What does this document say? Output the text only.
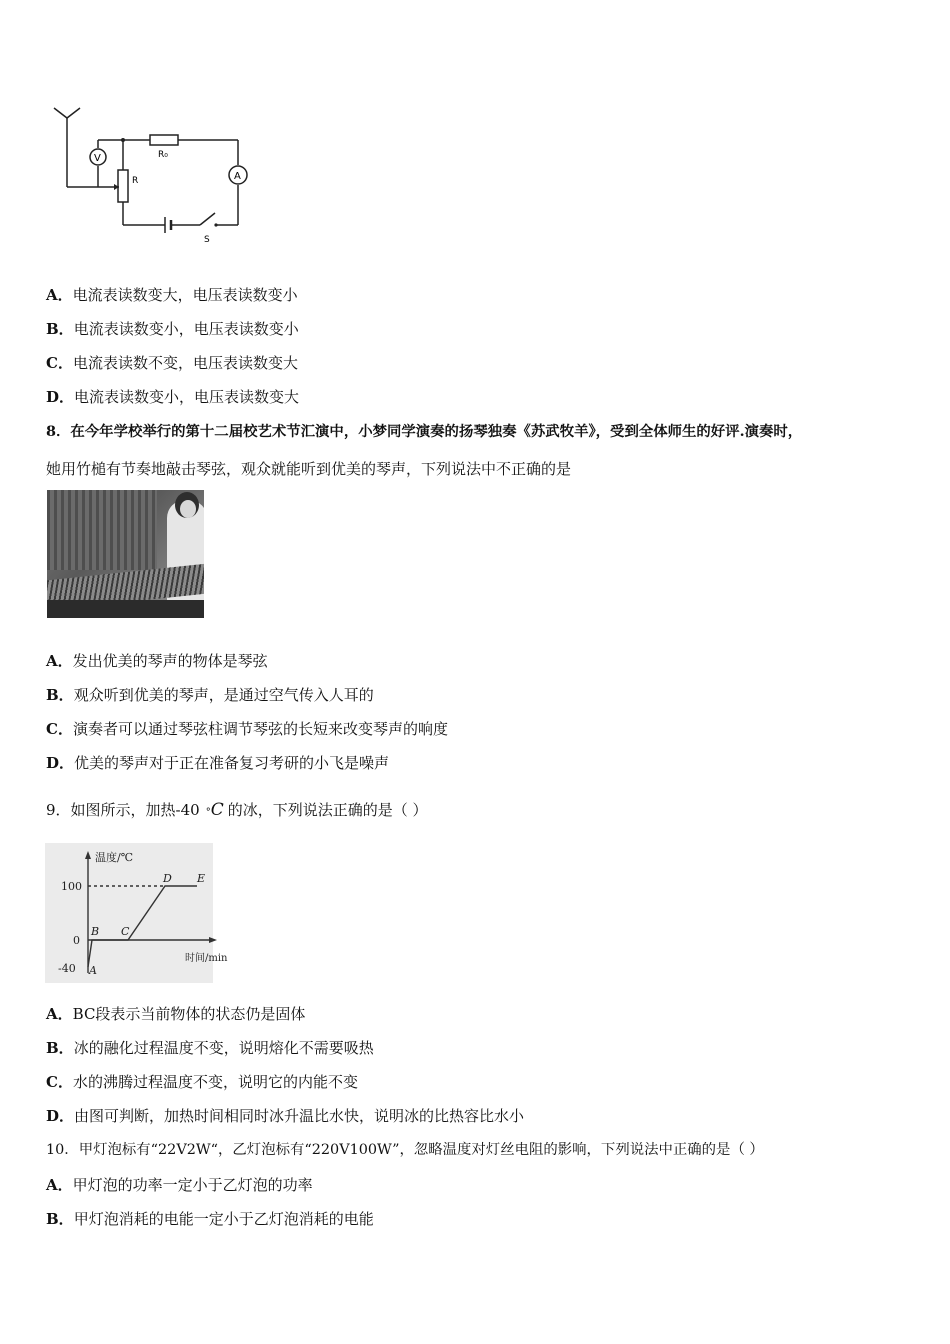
V
A
R₀
R
S
A．电流表读数变大，电压表读数变小
B．电流表读数变小，电压表读数变小
C．电流表读数不变，电压表读数变大
D．电流表读数变小，电压表读数变大
8．在今年学校举行的第十二届校艺术节汇演中，小梦同学演奏的扬琴独奏《苏武牧羊》，受到全体师生的好评.演奏时，
她用竹槌有节奏地敲击琴弦，观众就能听到优美的琴声，下列说法中不正确的是
A．发出优美的琴声的物体是琴弦
B．观众听到优美的琴声，是通过空气传入人耳的
C．演奏者可以通过琴弦柱调节琴弦的长短来改变琴声的响度
D．优美的琴声对于正在准备复习考研的小飞是噪声
9．如图所示，加热-40 ° C 的冰，下列说法正确的是（ ）
温度/℃
时间/min
100
0
-40 A
B C
D E
A．BC段表示当前物体的状态仍是固体
B．冰的融化过程温度不变，说明熔化不需要吸热
C．水的沸腾过程温度不变，说明它的内能不变
D．由图可判断，加热时间相同时冰升温比水快，说明冰的比热容比水小
10．甲灯泡标有“22V2W“，乙灯泡标有“220V100W”，忽略温度对灯丝电阻的影响，下列说法中正确的是（ ）
A．甲灯泡的功率一定小于乙灯泡的功率
B．甲灯泡消耗的电能一定小于乙灯泡消耗的电能
